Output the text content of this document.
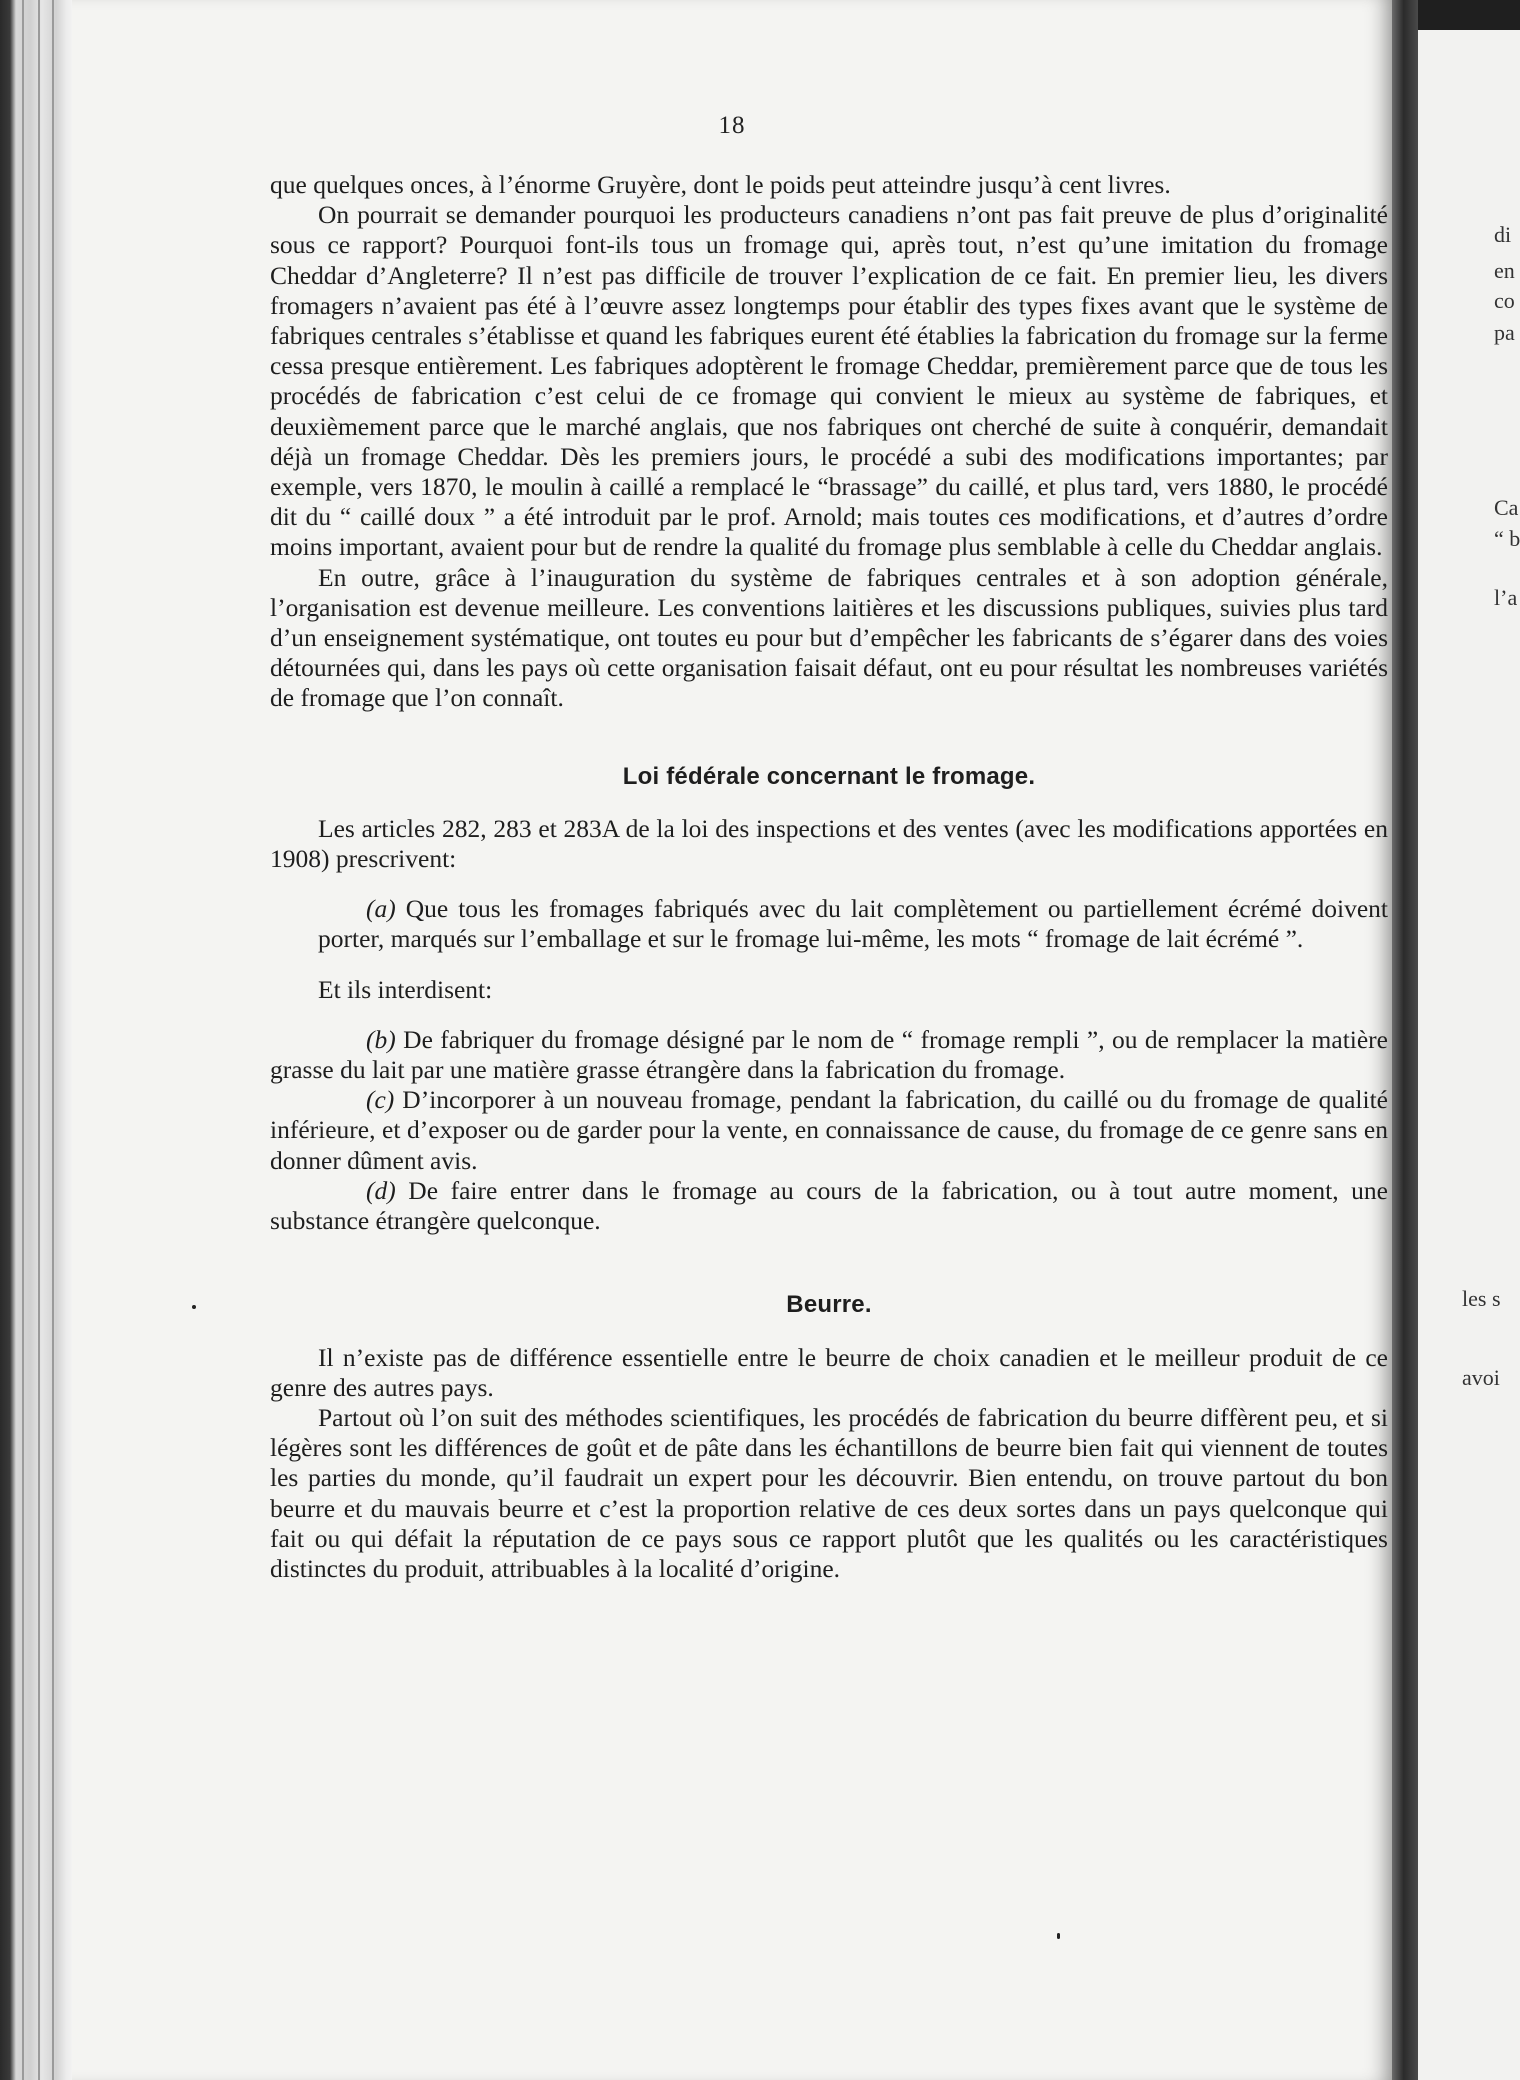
18

que quelques onces, à l’énorme Gruyère, dont le poids peut atteindre jusqu’à cent livres.

On pourrait se demander pourquoi les producteurs canadiens n’ont pas fait preuve de plus d’originalité sous ce rapport? Pourquoi font-ils tous un fromage qui, après tout, n’est qu’une imitation du fromage Cheddar d’Angleterre? Il n’est pas difficile de trouver l’explication de ce fait. En premier lieu, les divers fromagers n’avaient pas été à l’œuvre assez longtemps pour établir des types fixes avant que le système de fabriques centrales s’établisse et quand les fabriques eurent été établies la fabrication du fromage sur la ferme cessa presque entièrement. Les fabriques adoptèrent le fromage Cheddar, premièrement parce que de tous les procédés de fabrication c’est celui de ce fromage qui convient le mieux au système de fabriques, et deuxièmement parce que le marché anglais, que nos fabriques ont cherché de suite à conquérir, demandait déjà un fromage Cheddar. Dès les premiers jours, le procédé a subi des modifications importantes; par exemple, vers 1870, le moulin à caillé a remplacé le “brassage” du caillé, et plus tard, vers 1880, le procédé dit du “ caillé doux ” a été introduit par le prof. Arnold; mais toutes ces modifications, et d’autres d’ordre moins important, avaient pour but de rendre la qualité du fromage plus semblable à celle du Cheddar anglais.

En outre, grâce à l’inauguration du système de fabriques centrales et à son adoption générale, l’organisation est devenue meilleure. Les conventions laitières et les discussions publiques, suivies plus tard d’un enseignement systématique, ont toutes eu pour but d’empêcher les fabricants de s’égarer dans des voies détournées qui, dans les pays où cette organisation faisait défaut, ont eu pour résultat les nombreuses variétés de fromage que l’on connaît.

Loi fédérale concernant le fromage.

Les articles 282, 283 et 283A de la loi des inspections et des ventes (avec les modifications apportées en 1908) prescrivent:

(a) Que tous les fromages fabriqués avec du lait complètement ou partiellement écrémé doivent porter, marqués sur l’emballage et sur le fromage lui-même, les mots “ fromage de lait écrémé ”.

Et ils interdisent:

(b) De fabriquer du fromage désigné par le nom de “ fromage rempli ”, ou de remplacer la matière grasse du lait par une matière grasse étrangère dans la fabrication du fromage.

(c) D’incorporer à un nouveau fromage, pendant la fabrication, du caillé ou du fromage de qualité inférieure, et d’exposer ou de garder pour la vente, en connaissance de cause, du fromage de ce genre sans en donner dûment avis.

(d) De faire entrer dans le fromage au cours de la fabrication, ou à tout autre moment, une substance étrangère quelconque.

Beurre.

Il n’existe pas de différence essentielle entre le beurre de choix canadien et le meilleur produit de ce genre des autres pays.

Partout où l’on suit des méthodes scientifiques, les procédés de fabrication du beurre diffèrent peu, et si légères sont les différences de goût et de pâte dans les échantillons de beurre bien fait qui viennent de toutes les parties du monde, qu’il faudrait un expert pour les découvrir. Bien entendu, on trouve partout du bon beurre et du mauvais beurre et c’est la proportion relative de ces deux sortes dans un pays quelconque qui fait ou qui défait la réputation de ce pays sous ce rapport plutôt que les qualités ou les caractéristiques distinctes du produit, attribuables à la localité d’origine.

di
en
co
pa
Ca
“ b
l’a
les s
avoi
